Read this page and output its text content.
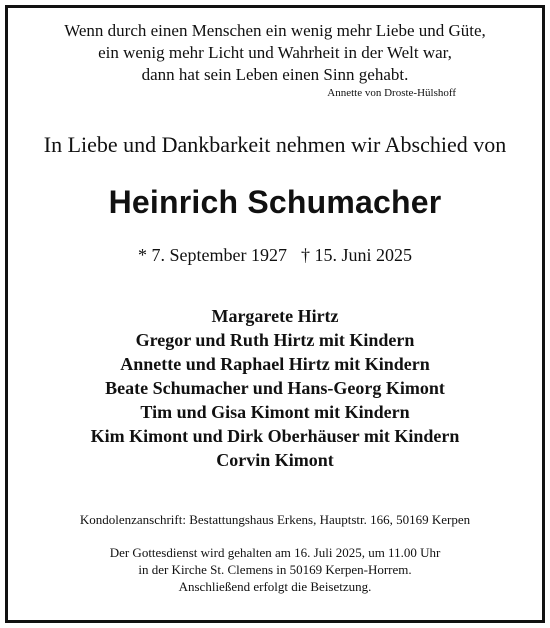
Wenn durch einen Menschen ein wenig mehr Liebe und Güte,
ein wenig mehr Licht und Wahrheit in der Welt war,
dann hat sein Leben einen Sinn gehabt.
Annette von Droste-Hülshoff
In Liebe und Dankbarkeit nehmen wir Abschied von
Heinrich Schumacher
* 7. September 1927 † 15. Juni 2025
Margarete Hirtz
Gregor und Ruth Hirtz mit Kindern
Annette und Raphael Hirtz mit Kindern
Beate Schumacher und Hans-Georg Kimont
Tim und Gisa Kimont mit Kindern
Kim Kimont und Dirk Oberhäuser mit Kindern
Corvin Kimont
Kondolenzanschrift: Bestattungshaus Erkens, Hauptstr. 166, 50169 Kerpen
Der Gottesdienst wird gehalten am 16. Juli 2025, um 11.00 Uhr
in der Kirche St. Clemens in 50169 Kerpen-Horrem.
Anschließend erfolgt die Beisetzung.
